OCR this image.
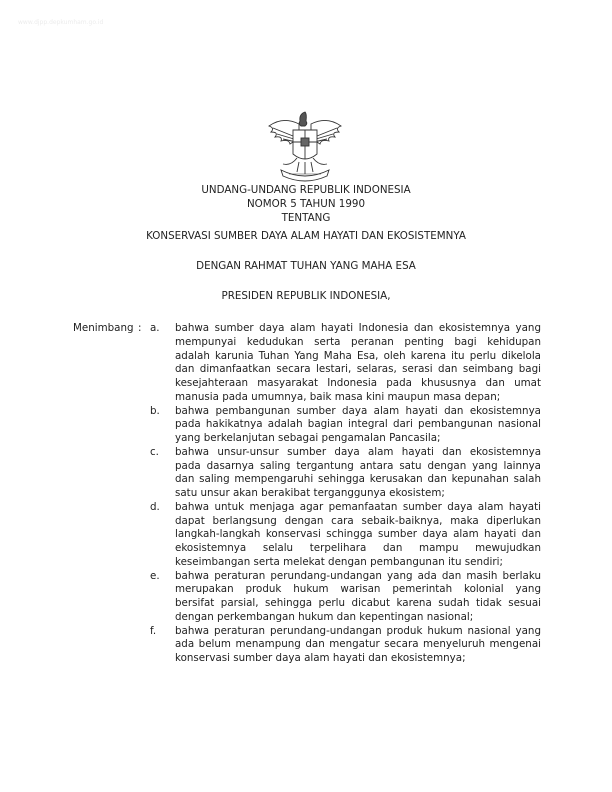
www.djpp.depkumham.go.id
UNDANG-UNDANG REPUBLIK INDONESIA
NOMOR 5 TAHUN 1990
TENTANG
KONSERVASI SUMBER DAYA ALAM HAYATI DAN EKOSISTEMNYA
DENGAN RAHMAT TUHAN YANG MAHA ESA
PRESIDEN REPUBLIK INDONESIA,
Menimbang : a. bahwa sumber daya alam hayati Indonesia dan ekosistemnya yang
mempunyai kedudukan serta peranan penting bagi kehidupan
adalah karunia Tuhan Yang Maha Esa, oleh karena itu perlu dikelola
dan dimanfaatkan secara lestari, selaras, serasi dan seimbang bagi
kesejahteraan masyarakat Indonesia pada khususnya dan umat
manusia pada umumnya, baik masa kini maupun masa depan;
b. bahwa pembangunan sumber daya alam hayati dan ekosistemnya
pada hakikatnya adalah bagian integral dari pembangunan nasional
yang berkelanjutan sebagai pengamalan Pancasila;
c. bahwa unsur-unsur sumber daya alam hayati dan ekosistemnya
pada dasarnya saling tergantung antara satu dengan yang lainnya
dan saling mempengaruhi sehingga kerusakan dan kepunahan salah
satu unsur akan berakibat terganggunya ekosistem;
d. bahwa untuk menjaga agar pemanfaatan sumber daya alam hayati
dapat berlangsung dengan cara sebaik-baiknya, maka diperlukan
langkah-langkah konservasi schingga sumber daya alam hayati dan
ekosistemnya selalu terpelihara dan mampu mewujudkan
keseimbangan serta melekat dengan pembangunan itu sendiri;
e. bahwa peraturan perundang-undangan yang ada dan masih berlaku
merupakan produk hukum warisan pemerintah kolonial yang
bersifat parsial, sehingga perlu dicabut karena sudah tidak sesuai
dengan perkembangan hukum dan kepentingan nasional;
f. bahwa peraturan perundang-undangan produk hukum nasional yang
ada belum menampung dan mengatur secara menyeluruh mengenai
konservasi sumber daya alam hayati dan ekosistemnya;
